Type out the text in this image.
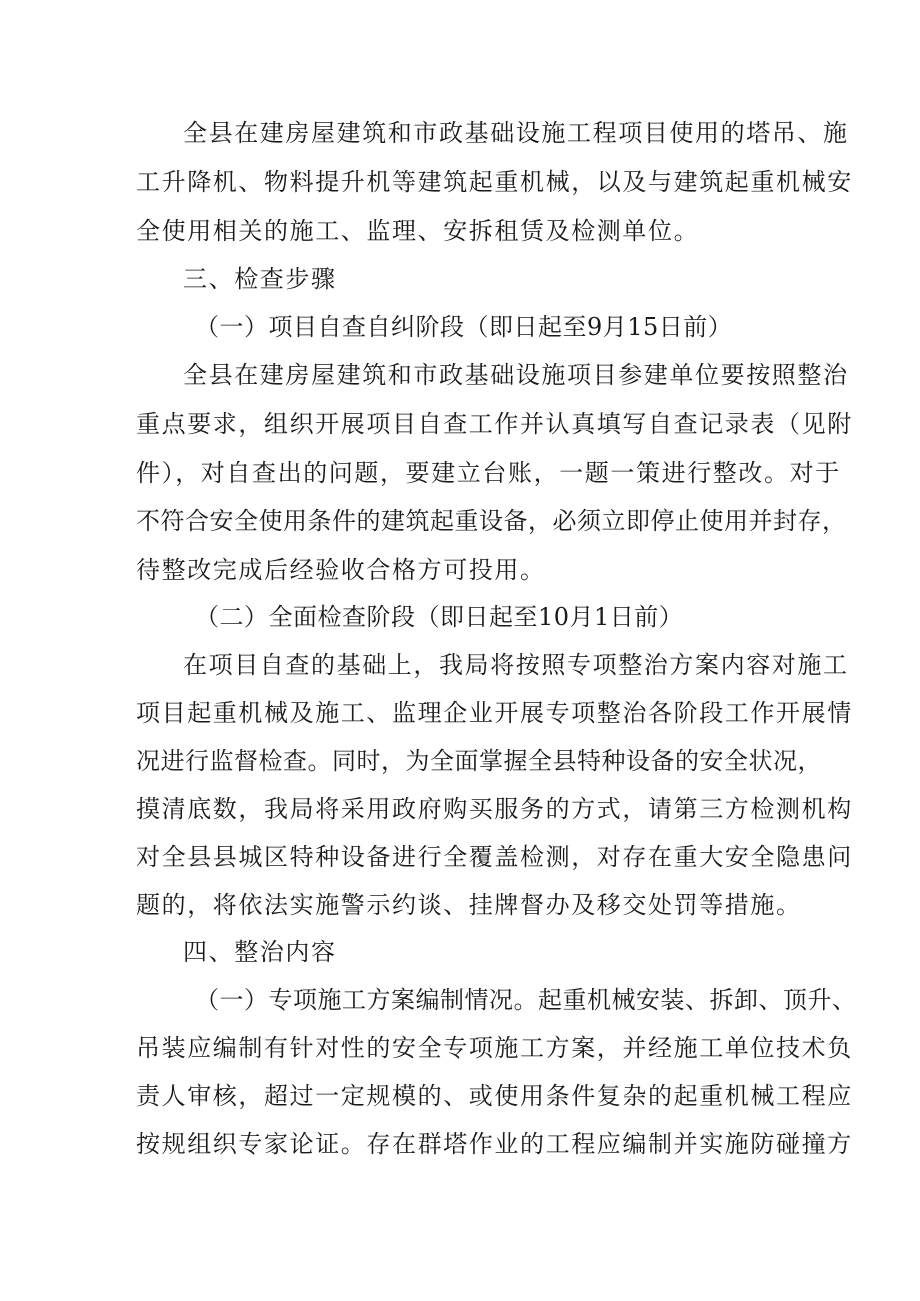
全县在建房屋建筑和市政基础设施工程项目使用的塔吊、施

工升降机、物料提升机等建筑起重机械，以及与建筑起重机械安

全使用相关的施工、监理、安拆租赁及检测单位。

三、检查步骤

（一）项目自查自纠阶段（即日起至9月15日前）

全县在建房屋建筑和市政基础设施项目参建单位要按照整治

重点要求，组织开展项目自查工作并认真填写自查记录表（见附

件），对自查出的问题，要建立台账，一题一策进行整改。对于

不符合安全使用条件的建筑起重设备，必须立即停止使用并封存，

待整改完成后经验收合格方可投用。

（二）全面检查阶段（即日起至10月1日前）

在项目自查的基础上，我局将按照专项整治方案内容对施工

项目起重机械及施工、监理企业开展专项整治各阶段工作开展情

况进行监督检查。同时，为全面掌握全县特种设备的安全状况，

摸清底数，我局将采用政府购买服务的方式，请第三方检测机构

对全县县城区特种设备进行全覆盖检测，对存在重大安全隐患问

题的，将依法实施警示约谈、挂牌督办及移交处罚等措施。

四、整治内容

（一）专项施工方案编制情况。起重机械安装、拆卸、顶升、

吊装应编制有针对性的安全专项施工方案，并经施工单位技术负

责人审核，超过一定规模的、或使用条件复杂的起重机械工程应

按规组织专家论证。存在群塔作业的工程应编制并实施防碰撞方
